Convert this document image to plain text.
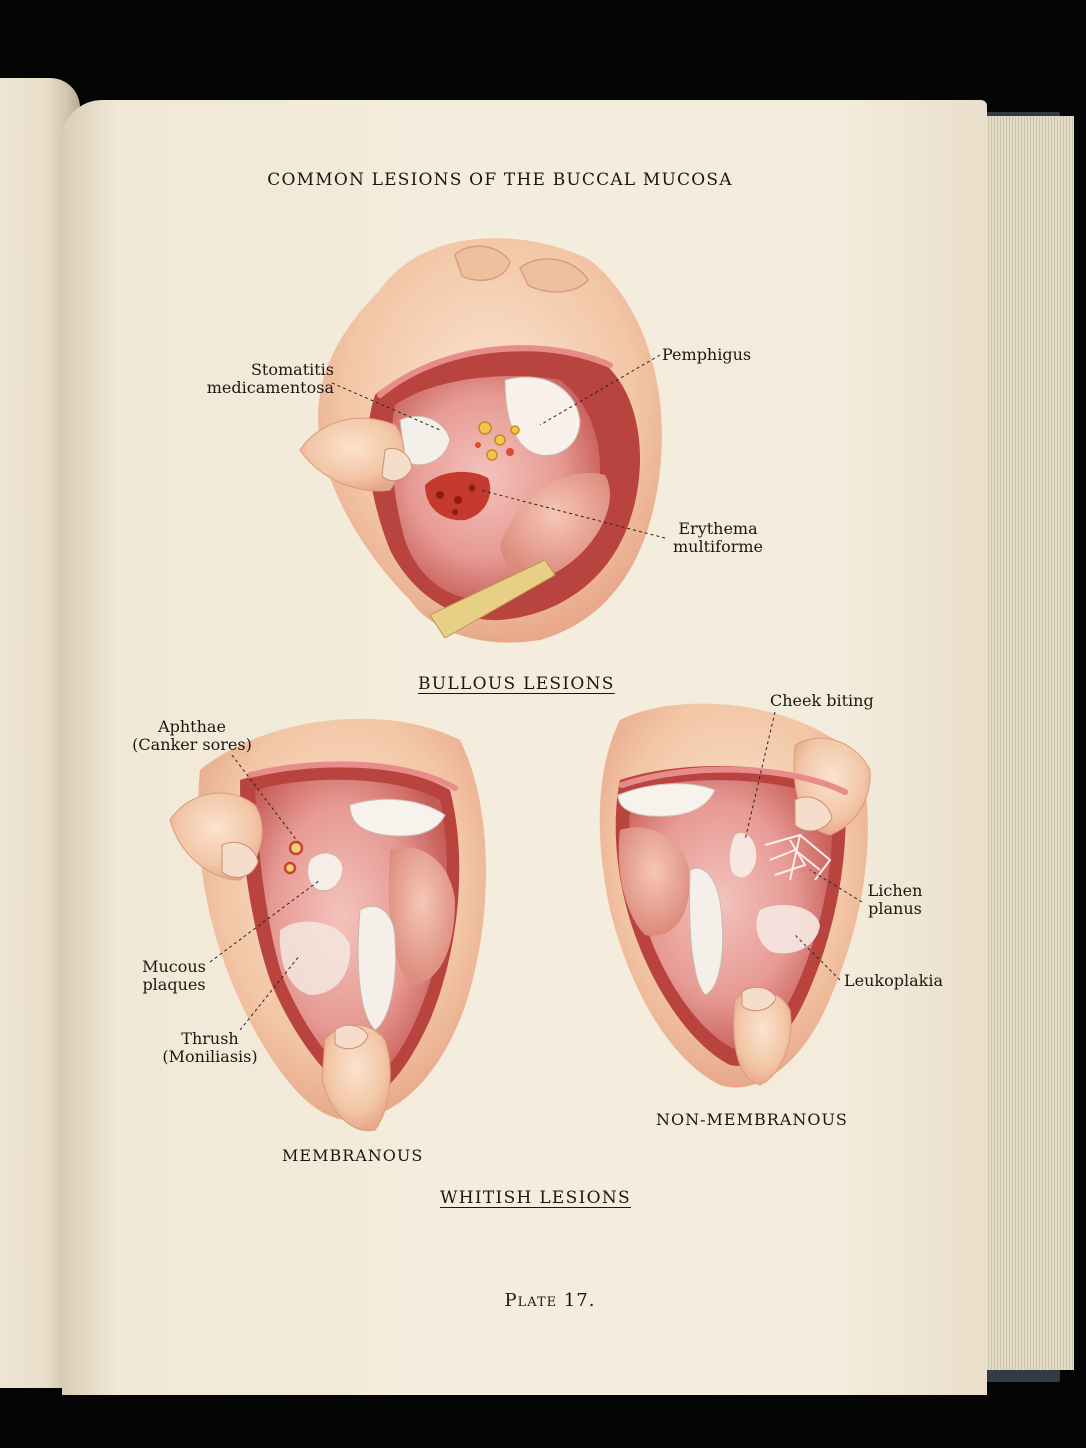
COMMON LESIONS OF THE BUCCAL MUCOSA
Stomatitis
medicamentosa
Pemphigus
Erythema
multiforme
BULLOUS LESIONS
Aphthae
(Canker sores)
Mucous
plaques
Thrush
(Moniliasis)
Cheek biting
Lichen
planus
Leukoplakia
MEMBRANOUS
NON-MEMBRANOUS
WHITISH LESIONS
Plate 17.
